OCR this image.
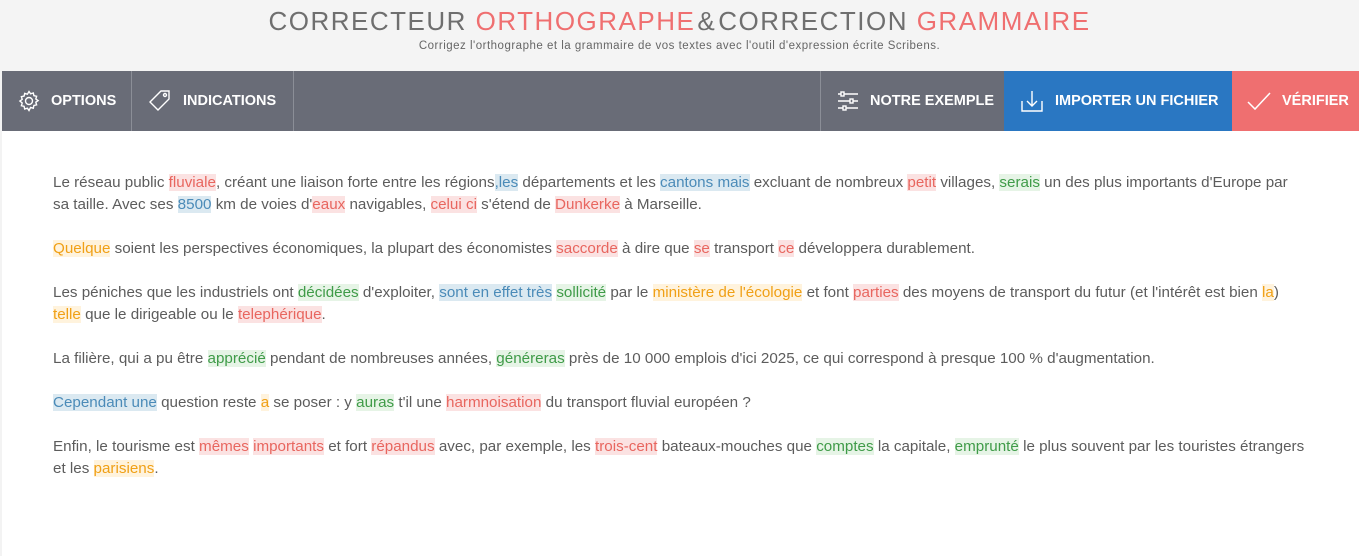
CORRECTEUR ORTHOGRAPHE&CORRECTION GRAMMAIRE
Corrigez l'orthographe et la grammaire de vos textes avec l'outil d'expression écrite Scribens.
OPTIONS	INDICATIONS	NOTRE EXEMPLE	IMPORTER UN FICHIER	VÉRIFIER

Le réseau public fluviale, créant une liaison forte entre les régions,les départements et les cantons mais excluant de nombreux petit villages, serais un des plus importants d'Europe par sa taille. Avec ses 8500 km de voies d'eaux navigables, celui ci s'étend de Dunkerke à Marseille.

Quelque soient les perspectives économiques, la plupart des économistes saccorde à dire que se transport ce développera durablement.

Les péniches que les industriels ont décidées d'exploiter, sont en effet très sollicité par le ministère de l'écologie et font parties des moyens de transport du futur (et l'intérêt est bien la) telle que le dirigeable ou le telephérique.

La filière, qui a pu être apprécié pendant de nombreuses années, généreras près de 10 000 emplois d'ici 2025, ce qui correspond à presque 100 % d'augmentation.

Cependant une question reste a se poser : y auras t'il une harmnoisation du transport fluvial européen ?

Enfin, le tourisme est mêmes importants et fort répandus avec, par exemple, les trois-cent bateaux-mouches que comptes la capitale, emprunté le plus souvent par les touristes étrangers et les parisiens.
